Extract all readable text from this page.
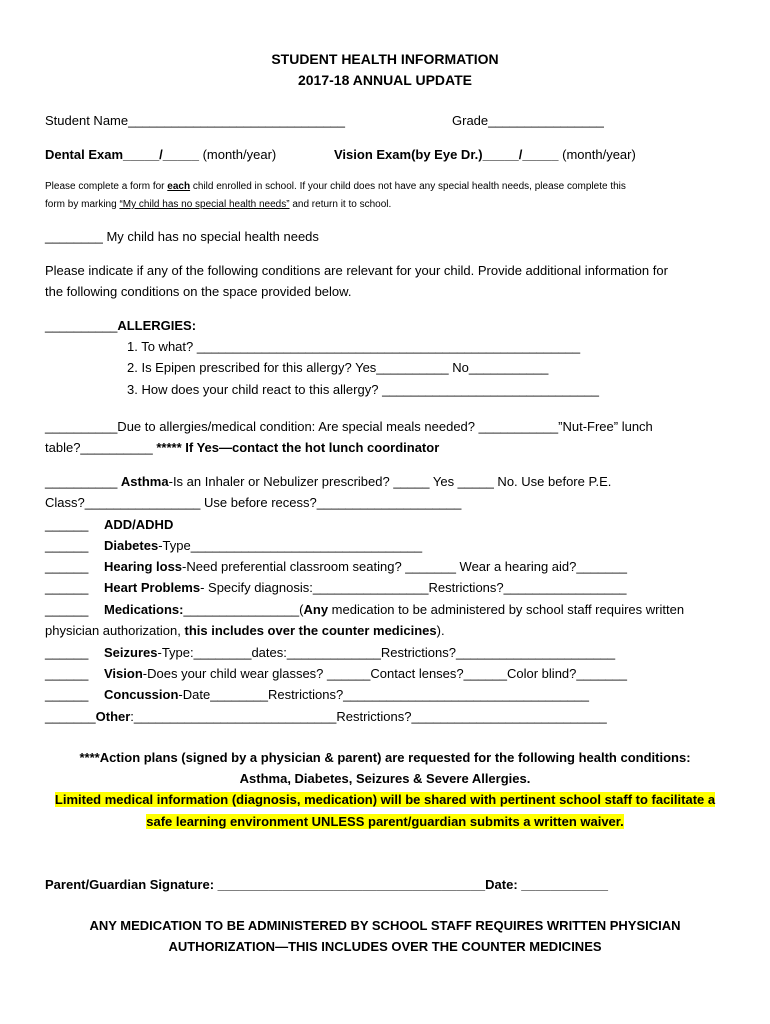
STUDENT HEALTH INFORMATION
2017-18 ANNUAL UPDATE
Student Name______________________________	Grade________________
Dental Exam_____/_____ (month/year)	Vision Exam(by Eye Dr.)_____/_____ (month/year)
Please complete a form for each child enrolled in school. If your child does not have any special health needs, please complete this
form by marking “My child has no special health needs” and return it to school.
________ My child has no special health needs
Please indicate if any of the following conditions are relevant for your child. Provide additional information for
the following conditions on the space provided below.
__________ALLERGIES:
1. To what? _____________________________________________________
2. Is Epipen prescribed for this allergy? Yes__________ No___________
3. How does your child react to this allergy? ______________________________
__________Due to allergies/medical condition: Are special meals needed? ___________”Nut-Free” lunch
table?__________ ***** If Yes—contact the hot lunch coordinator
__________ Asthma-Is an Inhaler or Nebulizer prescribed? _____ Yes _____ No. Use before P.E.
Class?________________ Use before recess?____________________
______ ADD/ADHD
______ Diabetes-Type________________________________
______ Hearing loss-Need preferential classroom seating? _______ Wear a hearing aid?_______
______ Heart Problems- Specify diagnosis:________________Restrictions?_________________
______ Medications:________________(Any medication to be administered by school staff requires written
physician authorization, this includes over the counter medicines).
______ Seizures-Type:________dates:_____________Restrictions?______________________
______ Vision-Does your child wear glasses? ______Contact lenses?______Color blind?_______
______ Concussion-Date________Restrictions?__________________________________
_______Other:____________________________Restrictions?___________________________
****Action plans (signed by a physician & parent) are requested for the following health conditions:
Asthma, Diabetes, Seizures & Severe Allergies.
Limited medical information (diagnosis, medication) will be shared with pertinent school staff to facilitate a
safe learning environment UNLESS parent/guardian submits a written waiver.
Parent/Guardian Signature: _____________________________________Date: ____________
ANY MEDICATION TO BE ADMINISTERED BY SCHOOL STAFF REQUIRES WRITTEN PHYSICIAN
AUTHORIZATION—THIS INCLUDES OVER THE COUNTER MEDICINES
